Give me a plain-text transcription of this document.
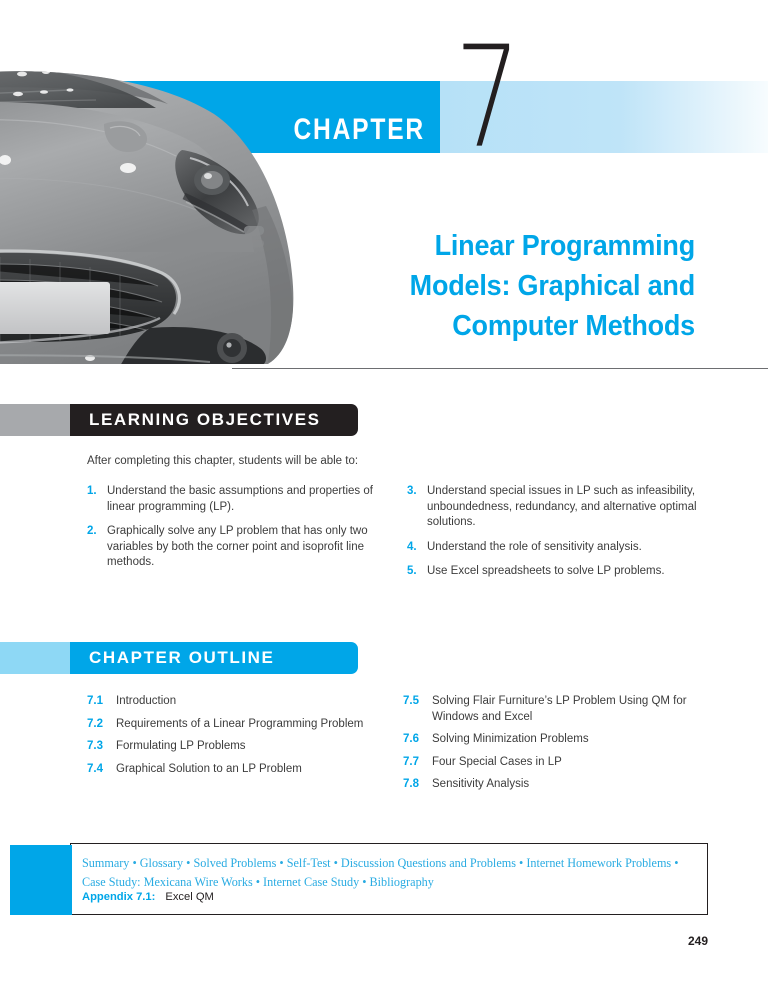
CHAPTER 7
Linear Programming
Models: Graphical and
Computer Methods
LEARNING OBJECTIVES
After completing this chapter, students will be able to:
1. Understand the basic assumptions and properties of linear programming (LP).
2. Graphically solve any LP problem that has only two variables by both the corner point and isoprofit line methods.
3. Understand special issues in LP such as infeasibility, unboundedness, redundancy, and alternative optimal solutions.
4. Understand the role of sensitivity analysis.
5. Use Excel spreadsheets to solve LP problems.
CHAPTER OUTLINE
7.1	Introduction
7.2	Requirements of a Linear Programming Problem
7.3	Formulating LP Problems
7.4	Graphical Solution to an LP Problem
7.5	Solving Flair Furniture’s LP Problem Using QM for Windows and Excel
7.6	Solving Minimization Problems
7.7	Four Special Cases in LP
7.8	Sensitivity Analysis
Summary • Glossary • Solved Problems • Self-Test • Discussion Questions and Problems • Internet Homework Problems • Case Study: Mexicana Wire Works • Internet Case Study • Bibliography
Appendix 7.1: Excel QM
249
